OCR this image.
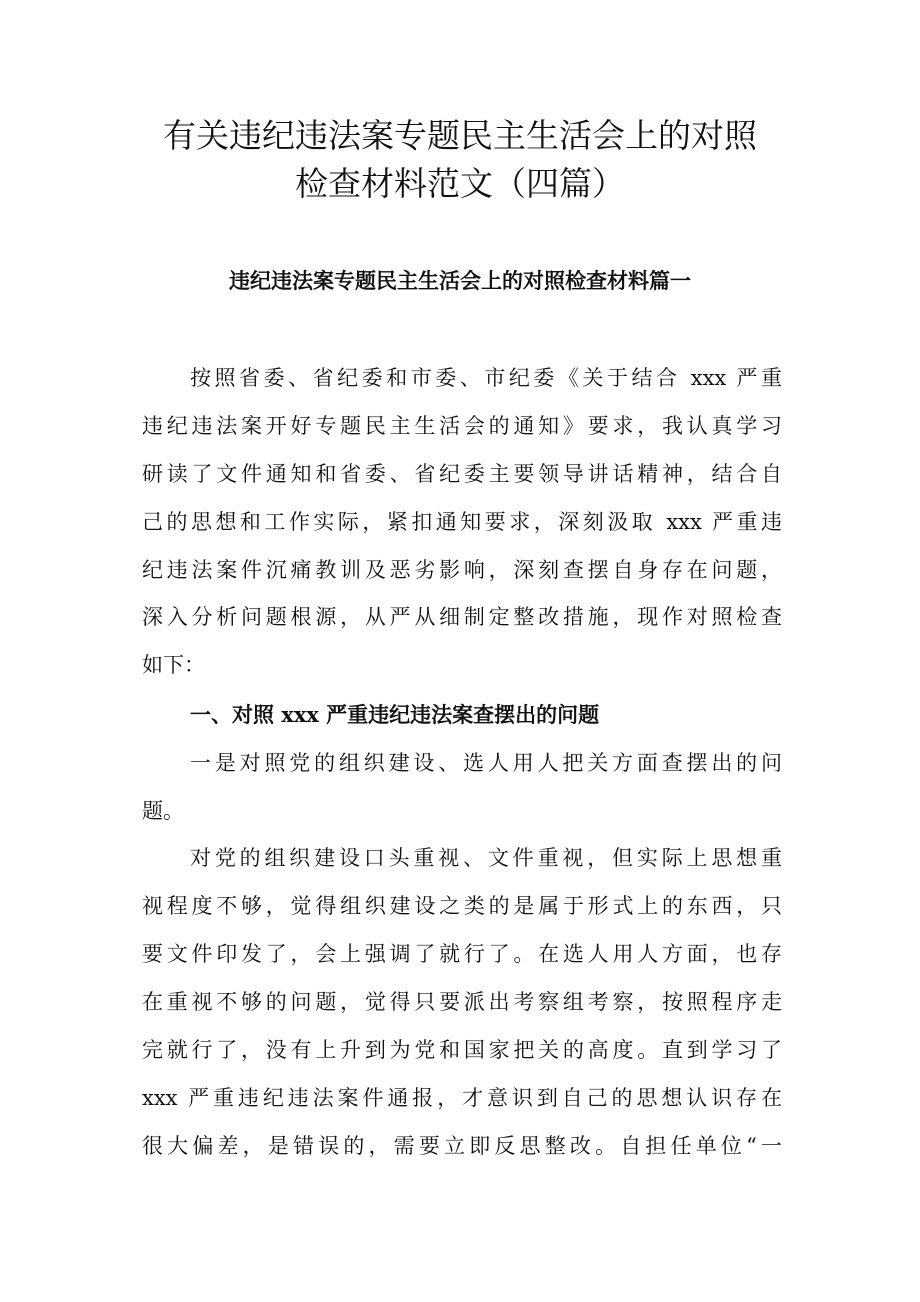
有关违纪违法案专题民主生活会上的对照
检查材料范文（四篇）
违纪违法案专题民主生活会上的对照检查材料篇一

按照省委、省纪委和市委、市纪委《关于结合 xxx 严重

违纪违法案开好专题民主生活会的通知》要求，我认真学习

研读了文件通知和省委、省纪委主要领导讲话精神，结合自

己的思想和工作实际，紧扣通知要求，深刻汲取 xxx 严重违

纪违法案件沉痛教训及恶劣影响，深刻查摆自身存在问题，

深入分析问题根源，从严从细制定整改措施，现作对照检查

如下：

一、对照 xxx 严重违纪违法案查摆出的问题

一是对照党的组织建设、选人用人把关方面查摆出的问

题。

对党的组织建设口头重视、文件重视，但实际上思想重

视程度不够，觉得组织建设之类的是属于形式上的东西，只

要文件印发了，会上强调了就行了。在选人用人方面，也存

在重视不够的问题，觉得只要派出考察组考察，按照程序走

完就行了，没有上升到为党和国家把关的高度。直到学习了

xxx 严重违纪违法案件通报，才意识到自己的思想认识存在

很大偏差，是错误的，需要立即反思整改。自担任单位“一
